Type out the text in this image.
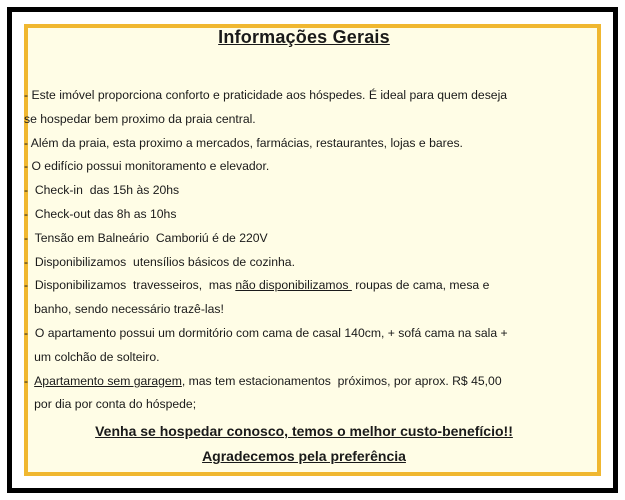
Informações Gerais
- Este imóvel proporciona conforto e praticidade aos hóspedes. É ideal para quem deseja
se hospedar bem proximo da praia central.
- Além da praia, esta proximo a mercados, farmácias, restaurantes, lojas e bares.
- O edifício possui monitoramento e elevador.
-  Check-in  das 15h às 20hs
-  Check-out das 8h as 10hs
-  Tensão em Balneário  Camboriú é de 220V
-  Disponibilizamos  utensílios básicos de cozinha.
-  Disponibilizamos  travesseiros,  mas não disponibilizamos  roupas de cama, mesa e
banho, sendo necessário trazê-las!
-  O apartamento possui um dormitório com cama de casal 140cm, + sofá cama na sala +
um colchão de solteiro.
-  Apartamento sem garagem, mas tem estacionamentos  próximos, por aprox. R$ 45,00
por dia por conta do hóspede;
Venha se hospedar conosco, temos o melhor custo-benefício!!
Agradecemos pela preferência
